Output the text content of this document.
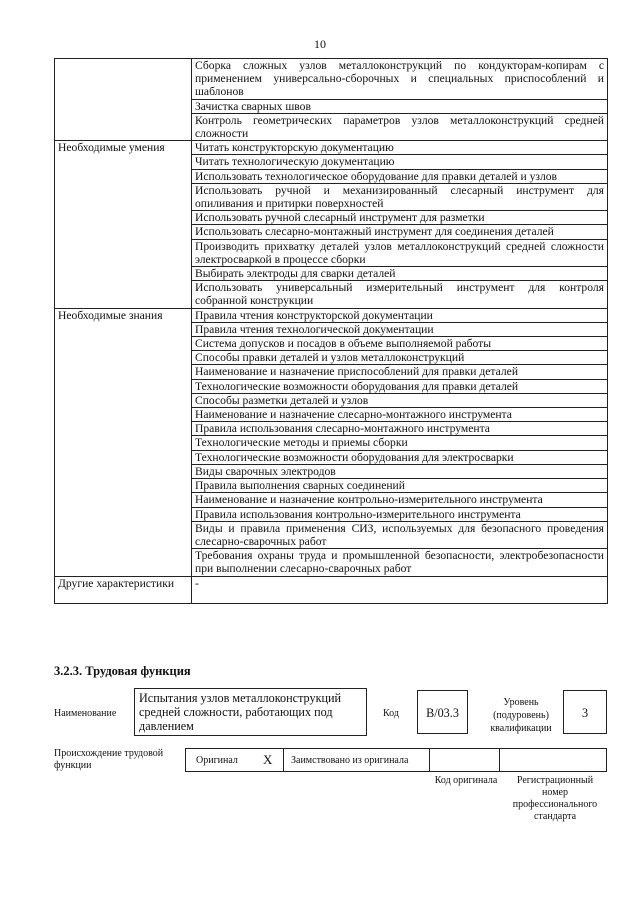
10
	Сборка сложных узлов металлоконструкций по кондукторам-копирам с применением универсально-сборочных и специальных приспособлений и шаблонов
	Зачистка сварных швов
	Контроль геометрических параметров узлов металлоконструкций средней сложности
Необходимые умения	Читать конструкторскую документацию
	Читать технологическую документацию
	Использовать технологическое оборудование для правки деталей и узлов
	Использовать ручной и механизированный слесарный инструмент для опиливания и притирки поверхностей
	Использовать ручной слесарный инструмент для разметки
	Использовать слесарно-монтажный инструмент для соединения деталей
	Производить прихватку деталей узлов металлоконструкций средней сложности электросваркой в процессе сборки
	Выбирать электроды для сварки деталей
	Использовать универсальный измерительный инструмент для контроля собранной конструкции
Необходимые знания	Правила чтения конструкторской документации
	Правила чтения технологической документации
	Система допусков и посадов в объеме выполняемой работы
	Способы правки деталей и узлов металлоконструкций
	Наименование и назначение приспособлений для правки деталей
	Технологические возможности оборудования для правки деталей
	Способы разметки деталей и узлов
	Наименование и назначение слесарно-монтажного инструмента
	Правила использования слесарно-монтажного инструмента
	Технологические методы и приемы сборки
	Технологические возможности оборудования для электросварки
	Виды сварочных электродов
	Правила выполнения сварных соединений
	Наименование и назначение контрольно-измерительного инструмента
	Правила использования контрольно-измерительного инструмента
	Виды и правила применения СИЗ, используемых для безопасного проведения слесарно-сварочных работ
	Требования охраны труда и промышленной безопасности, электробезопасности при выполнении слесарно-сварочных работ
Другие характеристики	-
3.2.3. Трудовая функция
Наименование
Испытания узлов металлоконструкций средней сложности, работающих под давлением
Код	B/03.3
Уровень (подуровень) квалификации
3
Происхождение трудовой функции	Оригинал X Заимствовано из оригинала
Код оригинала	Регистрационный номер профессионального стандарта
